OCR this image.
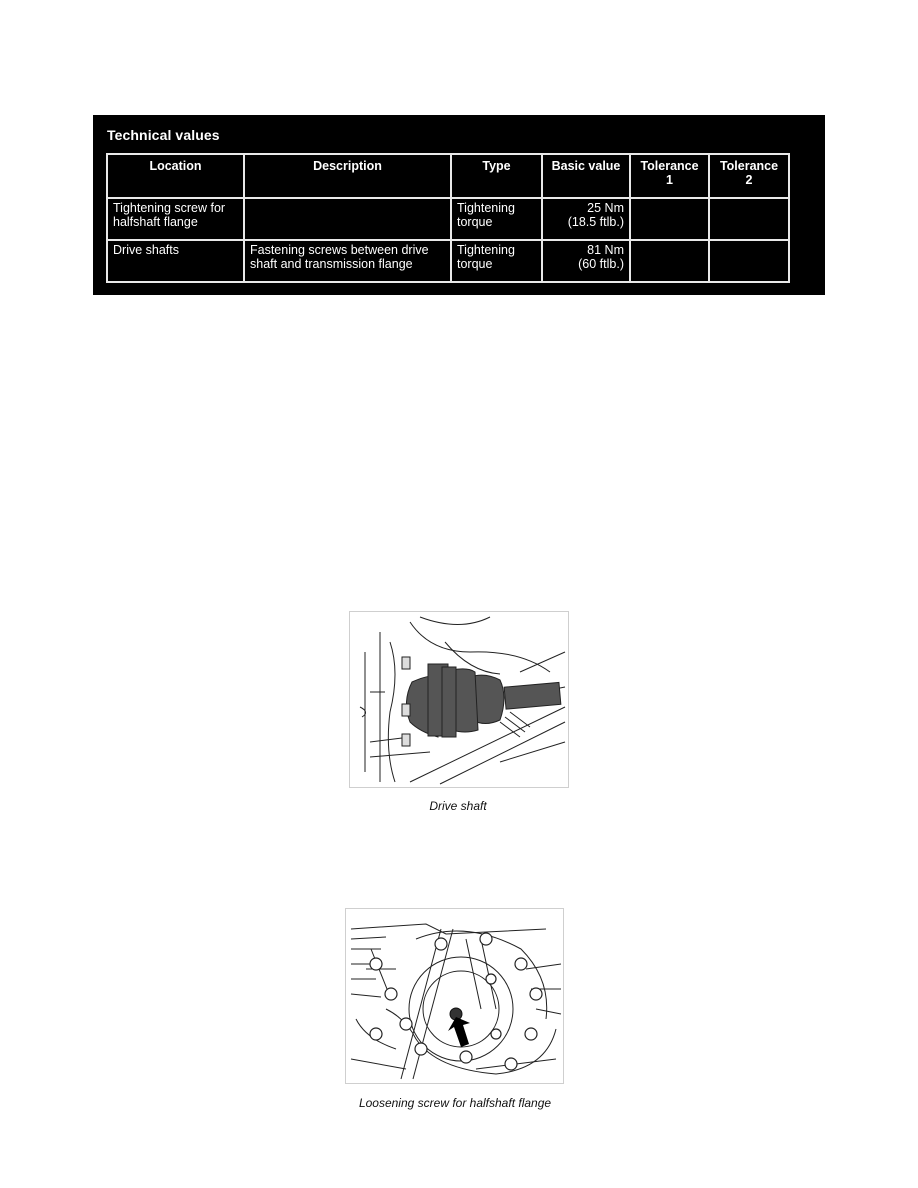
Technical values
Location	Description	Type	Basic value	Tolerance 1	Tolerance 2
Tightening screw for halfshaft flange		Tightening torque	25 Nm
(18.5 ftlb.)		

Drive shafts	Fastening screws between drive shaft and transmission flange	Tightening torque	81 Nm
(60 ftlb.)		

Drive shaft
Loosening screw for halfshaft flange
